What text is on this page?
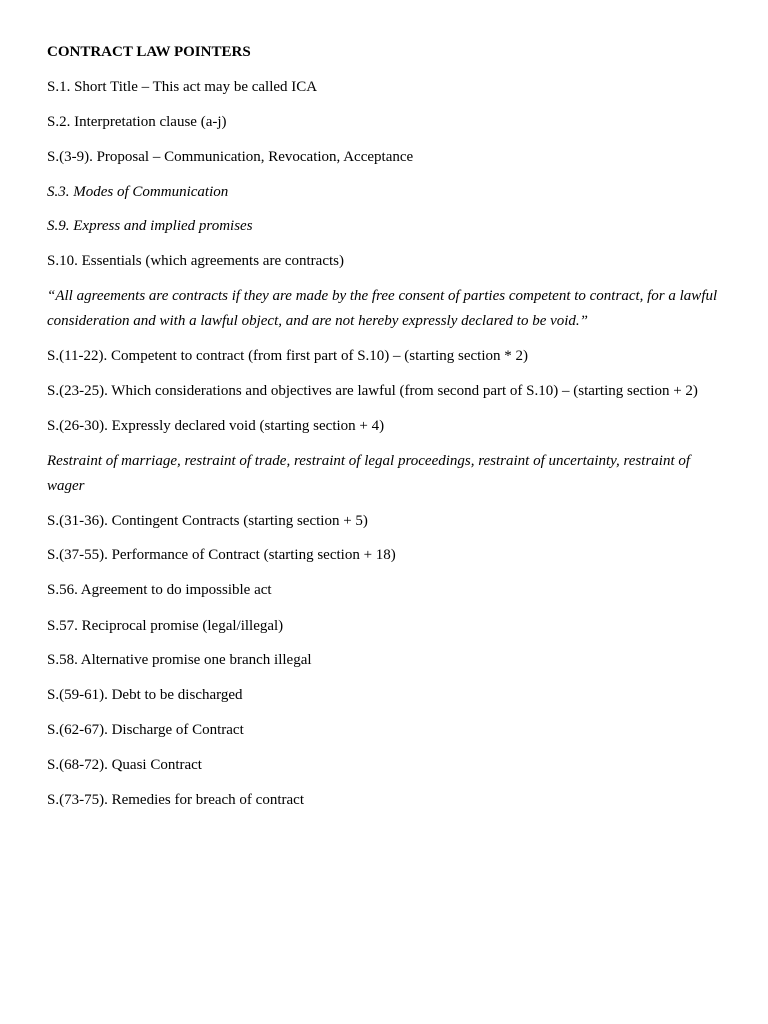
CONTRACT LAW POINTERS
S.1. Short Title – This act may be called ICA
S.2. Interpretation clause (a-j)
S.(3-9). Proposal – Communication, Revocation, Acceptance
S.3. Modes of Communication
S.9. Express and implied promises
S.10. Essentials (which agreements are contracts)
“All agreements are contracts if they are made by the free consent of parties competent to contract, for a lawful consideration and with a lawful object, and are not hereby expressly declared to be void.”
S.(11-22). Competent to contract (from first part of S.10) – (starting section * 2)
S.(23-25). Which considerations and objectives are lawful (from second part of S.10) – (starting section + 2)
S.(26-30). Expressly declared void (starting section + 4)
Restraint of marriage, restraint of trade, restraint of legal proceedings, restraint of uncertainty, restraint of wager
S.(31-36). Contingent Contracts (starting section + 5)
S.(37-55). Performance of Contract (starting section + 18)
S.56. Agreement to do impossible act
S.57. Reciprocal promise (legal/illegal)
S.58. Alternative promise one branch illegal
S.(59-61). Debt to be discharged
S.(62-67). Discharge of Contract
S.(68-72). Quasi Contract
S.(73-75). Remedies for breach of contract
